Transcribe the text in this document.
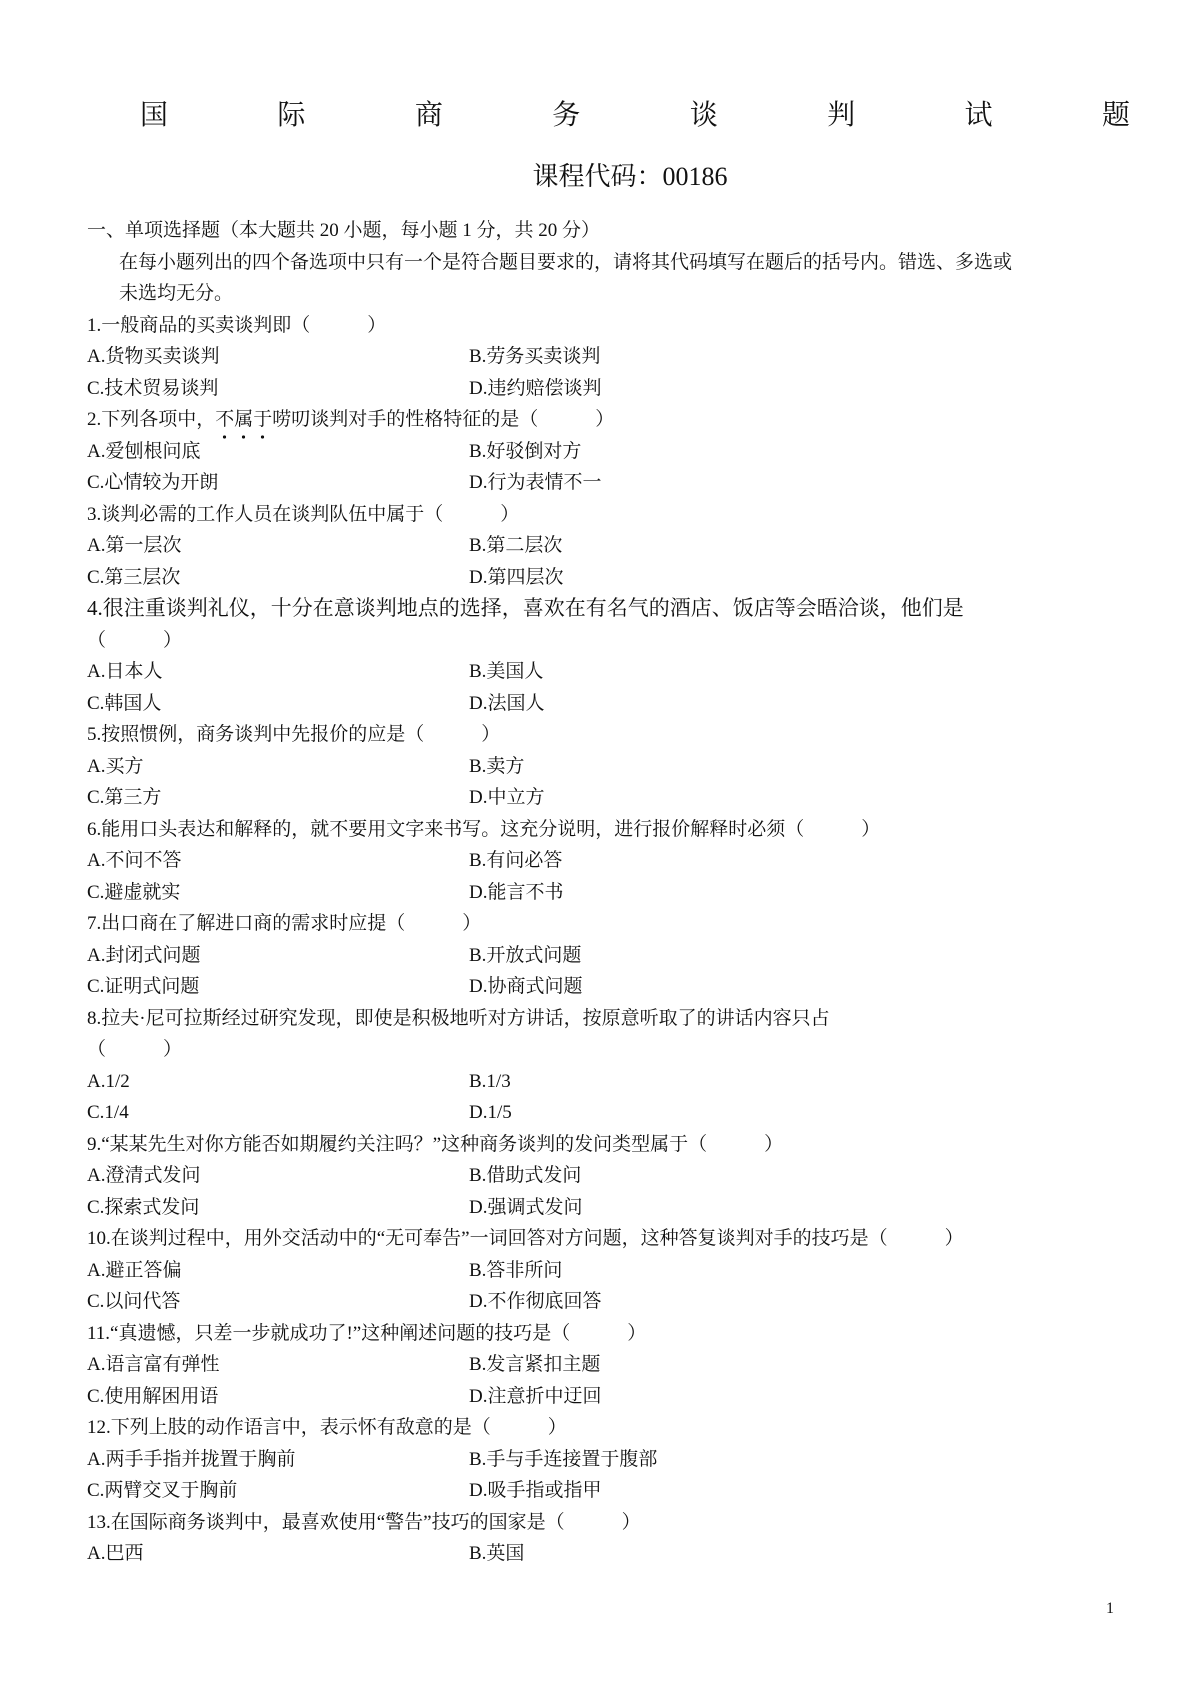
国	际	商	务	谈	判	试	题
课程代码：00186
一、单项选择题（本大题共 20 小题，每小题 1 分，共 20 分）
在每小题列出的四个备选项中只有一个是符合题目要求的，请将其代码填写在题后的括号内。错选、多选或
未选均无分。
1.一般商品的买卖谈判即（　　　）
A.货物买卖谈判	B.劳务买卖谈判
C.技术贸易谈判	D.违约赔偿谈判
2.下列各项中，不属于唠叨谈判对手的性格特征的是（　　　）
A.爱刨根问底	B.好驳倒对方
C.心情较为开朗	D.行为表情不一
3.谈判必需的工作人员在谈判队伍中属于（　　　）
A.第一层次	B.第二层次
C.第三层次	D.第四层次
4.很注重谈判礼仪，十分在意谈判地点的选择，喜欢在有名气的酒店、饭店等会晤洽谈，他们是
（　　　）
A.日本人	B.美国人
C.韩国人	D.法国人
5.按照惯例，商务谈判中先报价的应是（　　　）
A.买方	B.卖方
C.第三方	D.中立方
6.能用口头表达和解释的，就不要用文字来书写。这充分说明，进行报价解释时必须（　　　）
A.不问不答	B.有问必答
C.避虚就实	D.能言不书
7.出口商在了解进口商的需求时应提（　　　）
A.封闭式问题	B.开放式问题
C.证明式问题	D.协商式问题
8.拉夫·尼可拉斯经过研究发现，即使是积极地听对方讲话，按原意听取了的讲话内容只占
（　　　）
A.1/2	B.1/3
C.1/4	D.1/5
9.“某某先生对你方能否如期履约关注吗？”这种商务谈判的发问类型属于（　　　）
A.澄清式发问	B.借助式发问
C.探索式发问	D.强调式发问
10.在谈判过程中，用外交活动中的“无可奉告”一词回答对方问题，这种答复谈判对手的技巧是（　　　）
A.避正答偏	B.答非所问
C.以问代答	D.不作彻底回答
11.“真遗憾，只差一步就成功了!”这种阐述问题的技巧是（　　　）
A.语言富有弹性	B.发言紧扣主题
C.使用解困用语	D.注意折中迂回
12.下列上肢的动作语言中，表示怀有敌意的是（　　　）
A.两手手指并拢置于胸前	B.手与手连接置于腹部
C.两臂交叉于胸前	D.吸手指或指甲
13.在国际商务谈判中，最喜欢使用“警告”技巧的国家是（　　　）
A.巴西	B.英国
1
